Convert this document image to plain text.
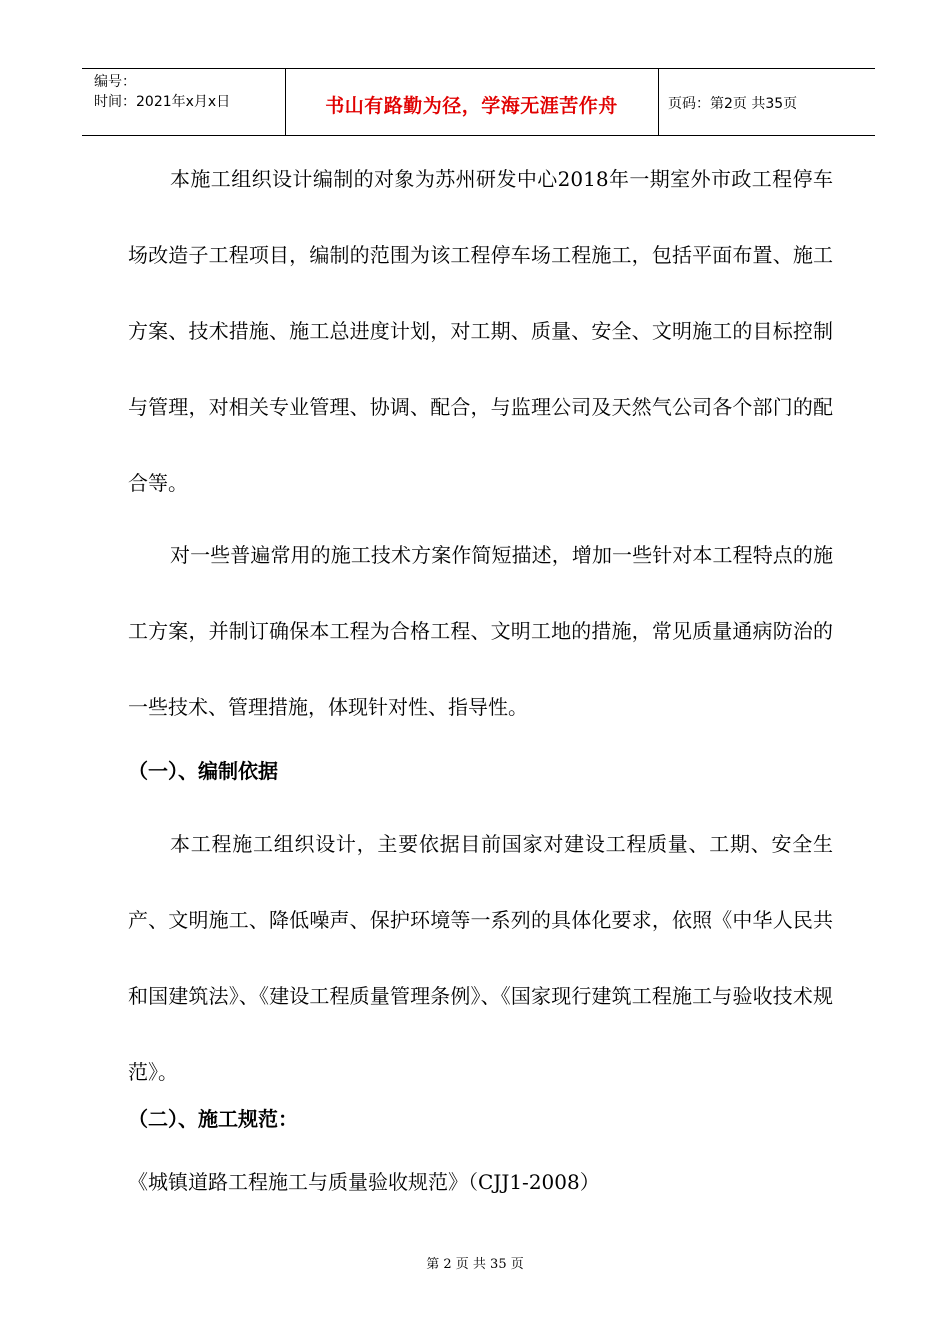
编号：
时间：2021年x月x日	书山有路勤为径，学海无涯苦作舟	页码：第2页 共35页
本施工组织设计编制的对象为苏州研发中心2018年一期室外市政工程停车场改造子工程项目，编制的范围为该工程停车场工程施工，包括平面布置、施工方案、技术措施、施工总进度计划，对工期、质量、安全、文明施工的目标控制与管理，对相关专业管理、协调、配合，与监理公司及天然气公司各个部门的配合等。
对一些普遍常用的施工技术方案作简短描述，增加一些针对本工程特点的施工方案，并制订确保本工程为合格工程、文明工地的措施，常见质量通病防治的一些技术、管理措施，体现针对性、指导性。
（一）、编制依据
本工程施工组织设计，主要依据目前国家对建设工程质量、工期、安全生产、文明施工、降低噪声、保护环境等一系列的具体化要求，依照《中华人民共和国建筑法》、《建设工程质量管理条例》、《国家现行建筑工程施工与验收技术规范》。
（二）、施工规范：
《城镇道路工程施工与质量验收规范》（CJJ1-2008）
第 2 页 共 35 页
